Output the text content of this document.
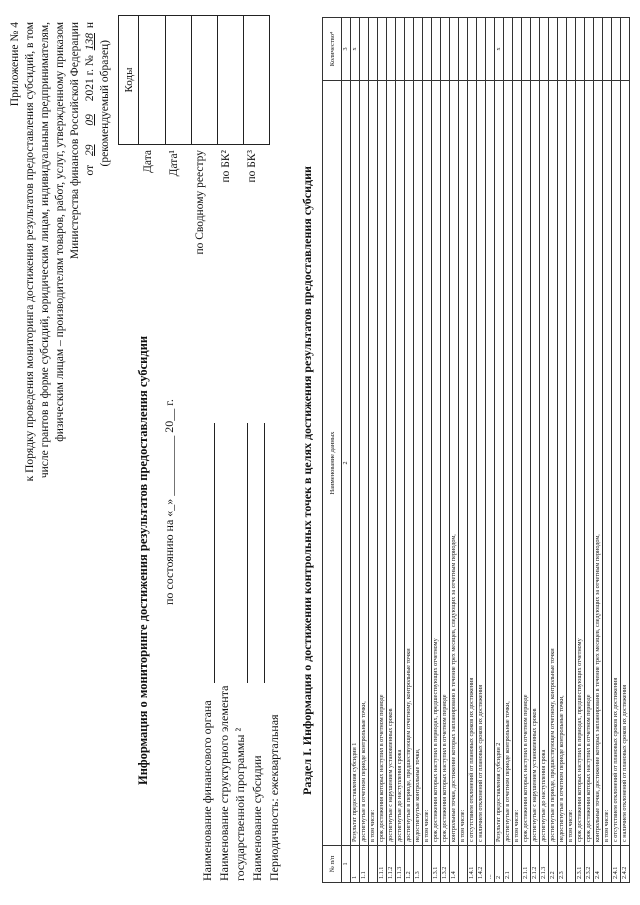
Приложение № 4 к Порядку проведения мониторинга достижения результатов предоставления субсидий, в том числе грантов в форме субсидий, юридическим лицам, индивидуальным предпринимателям, физическим лицам – производителям товаров, работ, услуг, утвержденному приказом Министерства финансов Российской Федерации от 29 09 2021 г. № 138 н
(рекомендуемый образец)	Коды
Дата Дата¹ по Сводному реестру по БК² по БК³
Информация о мониторинге достижения результатов предоставления субсидии по состоянию на «_» __________ 20__ г.
Наименование финансового органа Наименование структурного элемента государственной программы ² Наименование субсидии Периодичность: ежеквартальная
Раздел I. Информация о достижении контрольных точек в целях достижения результатов предоставления субсидии
№ п/п	Наименование данных	Количество⁴
1	2	3
1	Результат предоставления субсидии 1	х
1.1	достигнутые в отчетном периоде контрольные точки,	
	в том числе:	
1.1.1	срок достижения которых наступил в отчетном периоде	
1.1.2	достигнутые с нарушением установленных сроков	
1.1.3	достигнутые до наступления срока	
1.2	достигнутые в периоде, предшествующем отчетному, контрольные точки	
1.3	недостигнутые контрольные точки,	
	в том числе:	
1.3.1	срок достижения которых наступил в периодах, предшествующих отчетному	
1.3.2	срок достижения которых наступил в отчетном периоде	
1.4	контрольные точки, достижение которых запланировано в течение трех месяцев, следующих за отчетным периодом,	
	в том числе:	
1.4.1	с отсутствием отклонений от плановых сроков их достижения	
1.4.2	с наличием отклонений от плановых сроков их достижения	
...		
2	Результат предоставления субсидии 2	х
2.1	достигнутые в отчетном периоде контрольные точки,	
	в том числе:	
2.1.1	срок достижения которых наступил в отчетном периоде	
2.1.2	достигнутые с нарушением установленных сроков	
2.1.3	достигнутые до наступления срока	
2.2	достигнутые в периоде, предшествующем отчетному, контрольные точки	
2.3	недостигнутые в отчетном периоде контрольные точки,	
	в том числе:	
2.3.1	срок достижения которых наступил в периодах, предшествующих отчетному	
2.3.2	срок достижения которых наступил в отчетном периоде	
2.4	контрольные точки, достижение которых запланировано в течение трех месяцев, следующих за отчетным периодом,	
	в том числе:	
2.4.1	с отсутствием отклонений от плановых сроков их достижения	
2.4.2	с наличием отклонений от плановых сроков их достижения	
